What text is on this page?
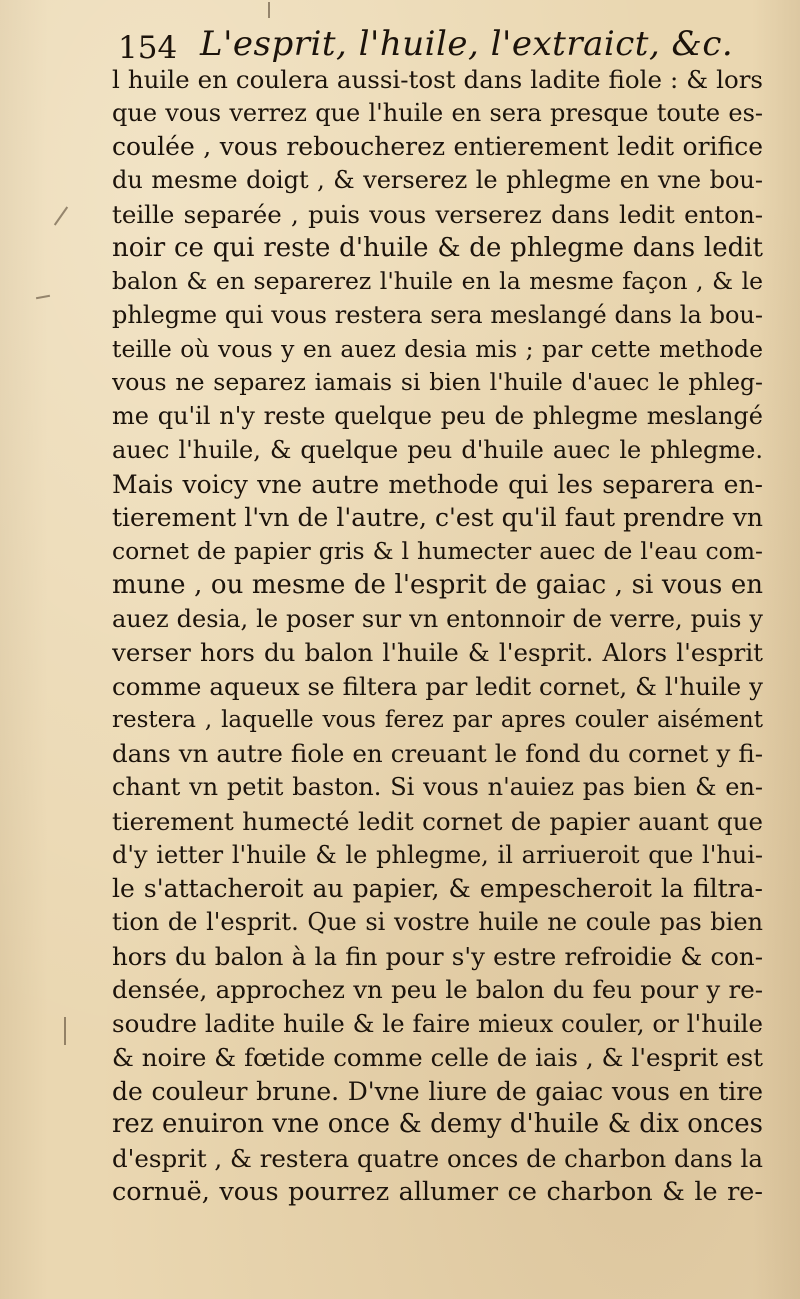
154 L'esprit, l'huile, l'extraict, &c.
l huile en coulera aussi-tost dans ladite fiole : & lors
que vous verrez que l'huile en sera presque toute es-
coulée , vous reboucherez entierement ledit orifice
du mesme doigt , & verserez le phlegme en vne bou-
teille separée , puis vous verserez dans ledit enton-
noir ce qui reste d'huile & de phlegme dans ledit
balon & en separerez l'huile en la mesme façon , & le
phlegme qui vous restera sera meslangé dans la bou-
teille où vous y en auez desia mis ; par cette methode
vous ne separez iamais si bien l'huile d'auec le phleg-
me qu'il n'y reste quelque peu de phlegme meslangé
auec l'huile, & quelque peu d'huile auec le phlegme.
Mais voicy vne autre methode qui les separera en-
tierement l'vn de l'autre, c'est qu'il faut prendre vn
cornet de papier gris & l humecter auec de l'eau com-
mune , ou mesme de l'esprit de gaiac , si vous en
auez desia, le poser sur vn entonnoir de verre, puis y
verser hors du balon l'huile & l'esprit. Alors l'esprit
comme aqueux se filtera par ledit cornet, & l'huile y
restera , laquelle vous ferez par apres couler aisément
dans vn autre fiole en creuant le fond du cornet y fi-
chant vn petit baston. Si vous n'auiez pas bien & en-
tierement humecté ledit cornet de papier auant que
d'y ietter l'huile & le phlegme, il arriueroit que l'hui-
le s'attacheroit au papier, & empescheroit la filtra-
tion de l'esprit. Que si vostre huile ne coule pas bien
hors du balon à la fin pour s'y estre refroidie & con-
densée, approchez vn peu le balon du feu pour y re-
soudre ladite huile & le faire mieux couler, or l'huile
& noire & fœtide comme celle de iais , & l'esprit est
de couleur brune. D'vne liure de gaiac vous en tire
rez enuiron vne once & demy d'huile & dix onces
d'esprit , & restera quatre onces de charbon dans la
cornuë, vous pourrez allumer ce charbon & le re-
